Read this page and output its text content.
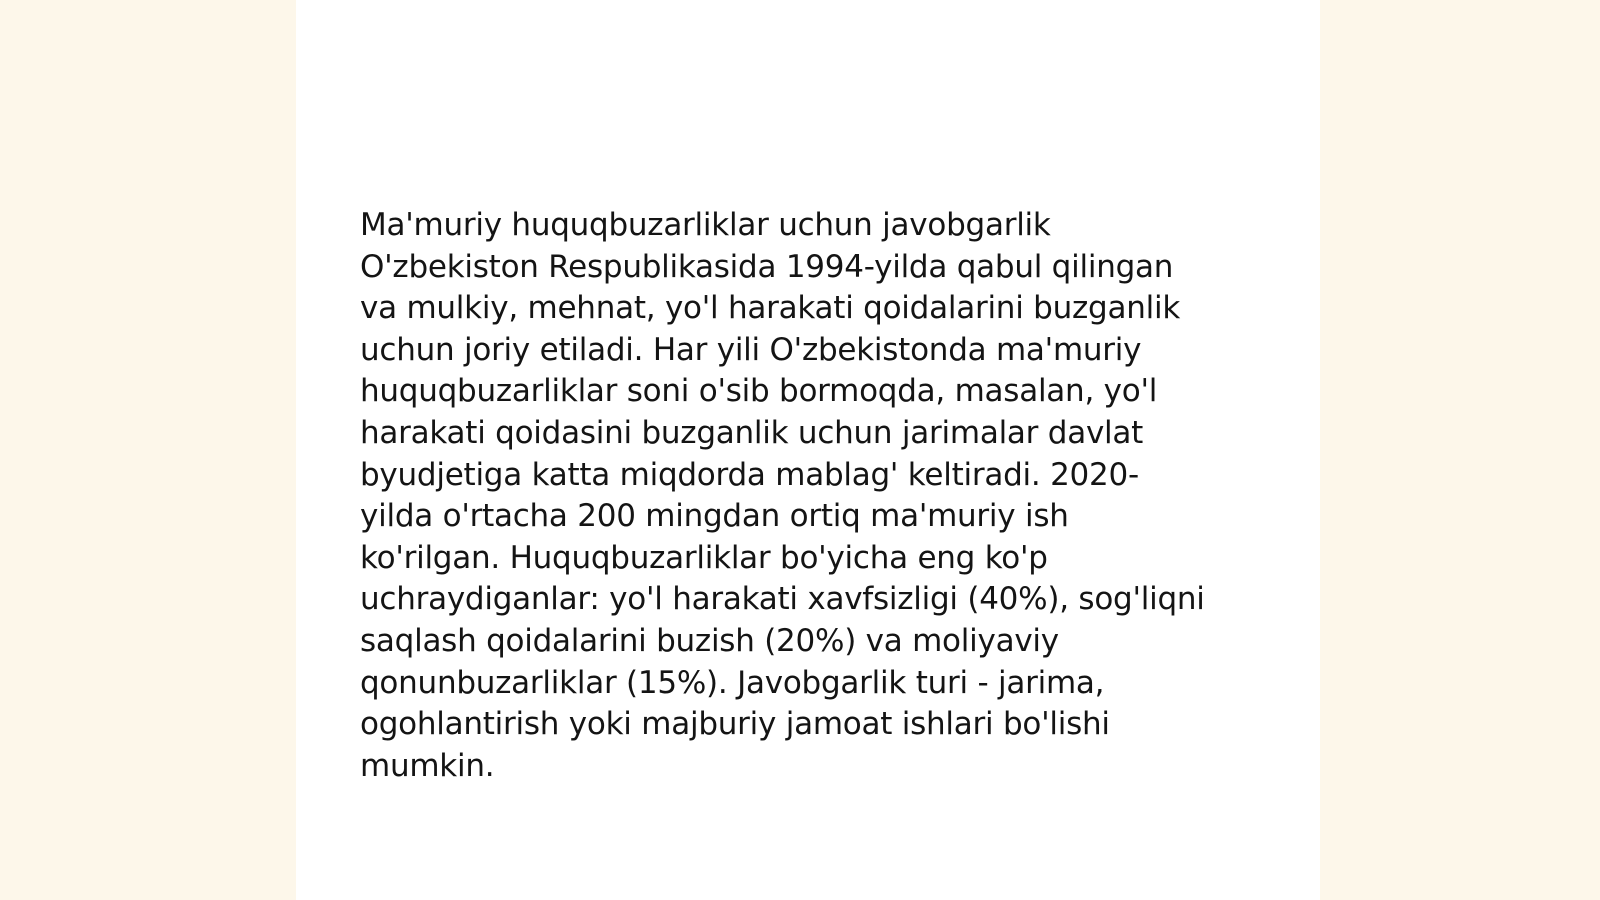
Ma'muriy huquqbuzarliklar uchun javobgarlik
O'zbekiston Respublikasida 1994-yilda qabul qilingan
va mulkiy, mehnat, yo'l harakati qoidalarini buzganlik
uchun joriy etiladi. Har yili O'zbekistonda ma'muriy
huquqbuzarliklar soni o'sib bormoqda, masalan, yo'l
harakati qoidasini buzganlik uchun jarimalar davlat
byudjetiga katta miqdorda mablag' keltiradi. 2020-
yilda o'rtacha 200 mingdan ortiq ma'muriy ish
ko'rilgan. Huquqbuzarliklar bo'yicha eng ko'p
uchraydiganlar: yo'l harakati xavfsizligi (40%), sog'liqni
saqlash qoidalarini buzish (20%) va moliyaviy
qonunbuzarliklar (15%). Javobgarlik turi - jarima,
ogohlantirish yoki majburiy jamoat ishlari bo'lishi
mumkin.
